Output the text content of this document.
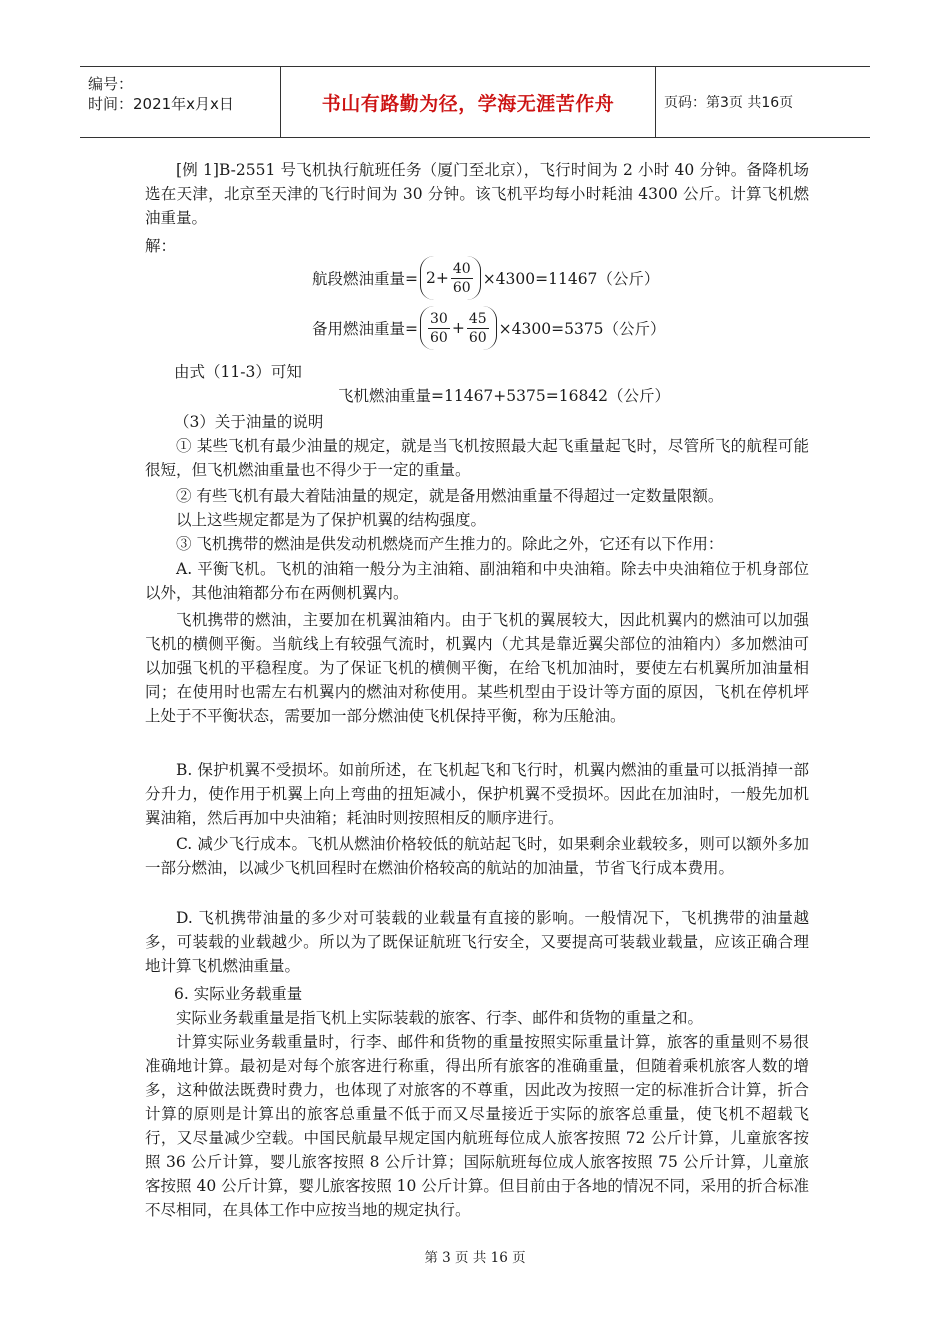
编号：
时间：2021年x月x日	书山有路勤为径，学海无涯苦作舟	页码：第3页 共16页
[例 1]B-2551 号飞机执行航班任务（厦门至北京），飞行时间为 2 小时 40 分钟。备降机场选在天津，北京至天津的飞行时间为 30 分钟。该飞机平均每小时耗油 4300 公斤。计算飞机燃油重量。
解：
航段燃油重量= $2+ \frac{40}{60} \times 4300=11467$（公斤）
备用燃油重量= $\frac{30}{60} + \frac{45}{60} \times 4300=5375$（公斤）
由式（11-3）可知
飞机燃油重量=11467+5375=16842（公斤）
（3）关于油量的说明
① 某些飞机有最少油量的规定，就是当飞机按照最大起飞重量起飞时，尽管所飞的航程可能很短，但飞机燃油重量也不得少于一定的重量。
② 有些飞机有最大着陆油量的规定，就是备用燃油重量不得超过一定数量限额。
以上这些规定都是为了保护机翼的结构强度。
③ 飞机携带的燃油是供发动机燃烧而产生推力的。除此之外，它还有以下作用：
A. 平衡飞机。飞机的油箱一般分为主油箱、副油箱和中央油箱。除去中央油箱位于机身部位以外，其他油箱都分布在两侧机翼内。
飞机携带的燃油，主要加在机翼油箱内。由于飞机的翼展较大，因此机翼内的燃油可以加强飞机的横侧平衡。当航线上有较强气流时，机翼内（尤其是靠近翼尖部位的油箱内）多加燃油可以加强飞机的平稳程度。为了保证飞机的横侧平衡，在给飞机加油时，要使左右机翼所加油量相同；在使用时也需左右机翼内的燃油对称使用。某些机型由于设计等方面的原因，飞机在停机坪上处于不平衡状态，需要加一部分燃油使飞机保持平衡，称为压舱油。
B. 保护机翼不受损坏。如前所述，在飞机起飞和飞行时，机翼内燃油的重量可以抵消掉一部分升力，使作用于机翼上向上弯曲的扭矩减小，保护机翼不受损坏。因此在加油时，一般先加机翼油箱，然后再加中央油箱；耗油时则按照相反的顺序进行。
C. 减少飞行成本。飞机从燃油价格较低的航站起飞时，如果剩余业载较多，则可以额外多加一部分燃油，以减少飞机回程时在燃油价格较高的航站的加油量，节省飞行成本费用。
D. 飞机携带油量的多少对可装载的业载量有直接的影响。一般情况下，飞机携带的油量越多，可装载的业载越少。所以为了既保证航班飞行安全，又要提高可装载业载量，应该正确合理地计算飞机燃油重量。
6. 实际业务载重量
实际业务载重量是指飞机上实际装载的旅客、行李、邮件和货物的重量之和。
计算实际业务载重量时，行李、邮件和货物的重量按照实际重量计算，旅客的重量则不易很准确地计算。最初是对每个旅客进行称重，得出所有旅客的准确重量，但随着乘机旅客人数的增多，这种做法既费时费力，也体现了对旅客的不尊重，因此改为按照一定的标准折合计算，折合计算的原则是计算出的旅客总重量不低于而又尽量接近于实际的旅客总重量，使飞机不超载飞行，又尽量减少空载。中国民航最早规定国内航班每位成人旅客按照 72 公斤计算，儿童旅客按照 36 公斤计算，婴儿旅客按照 8 公斤计算；国际航班每位成人旅客按照 75 公斤计算，儿童旅客按照 40 公斤计算，婴儿旅客按照 10 公斤计算。但目前由于各地的情况不同，采用的折合标准不尽相同，在具体工作中应按当地的规定执行。
第 3 页 共 16 页
